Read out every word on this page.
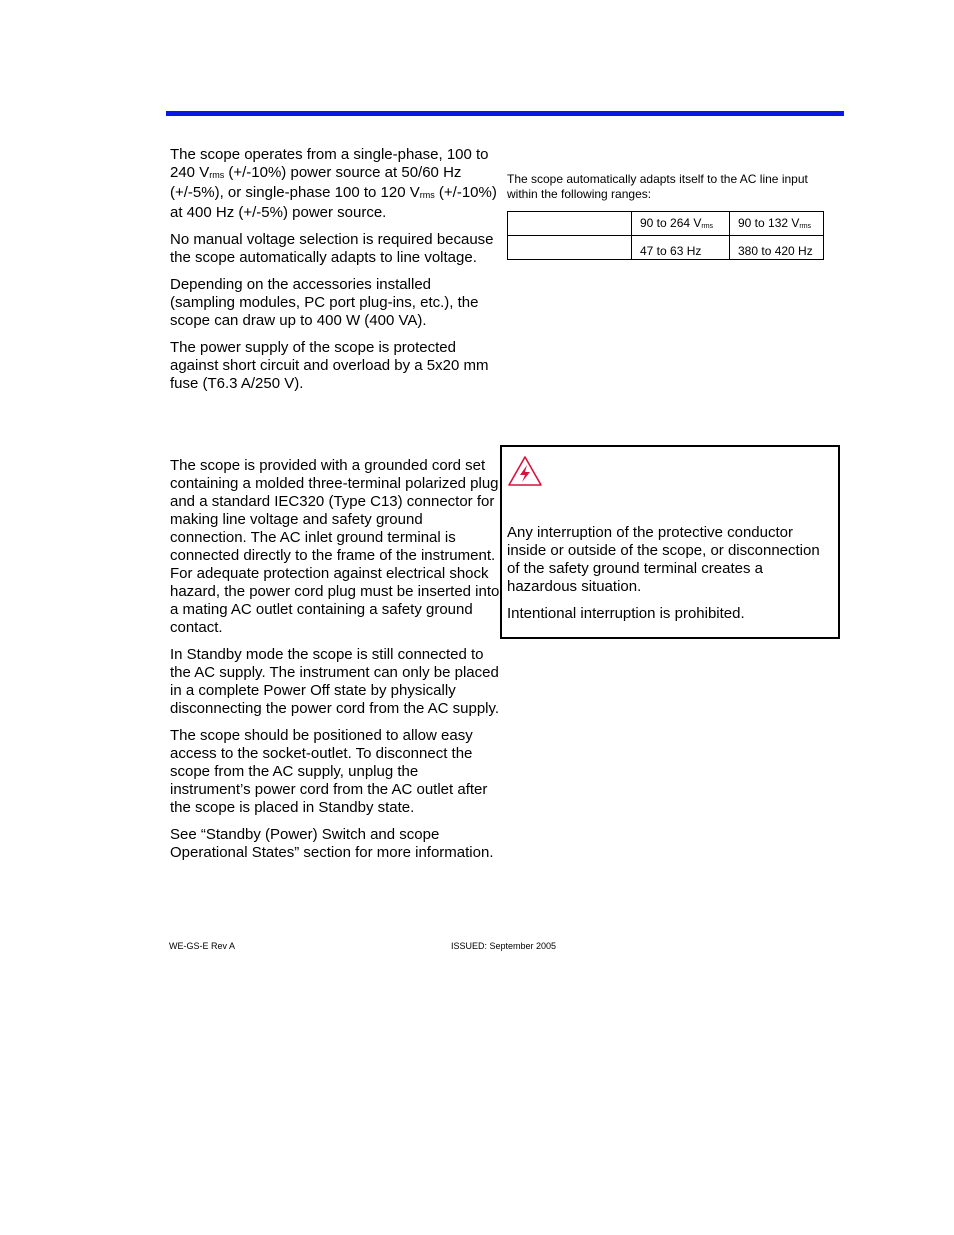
The scope operates from a single-phase, 100 to 240 Vrms (+/-10%) power source at 50/60 Hz (+/-5%), or single-phase 100 to 120 Vrms (+/-10%) at 400 Hz (+/-5%) power source.

No manual voltage selection is required because the scope automatically adapts to line voltage.

Depending on the accessories installed (sampling modules, PC port plug-ins, etc.), the scope can draw up to 400 W (400 VA).

The power supply of the scope is protected against short circuit and overload by a 5x20 mm fuse (T6.3 A/250 V).

The scope automatically adapts itself to the AC line input within the following ranges:

	90 to 264 Vrms	90 to 132 Vrms
	47 to 63 Hz	380 to 420 Hz

The scope is provided with a grounded cord set containing a molded three-terminal polarized plug and a standard IEC320 (Type C13) connector for making line voltage and safety ground connection. The AC inlet ground terminal is connected directly to the frame of the instrument. For adequate protection against electrical shock hazard, the power cord plug must be inserted into a mating AC outlet containing a safety ground contact.

In Standby mode the scope is still connected to the AC supply. The instrument can only be placed in a complete Power Off state by physically disconnecting the power cord from the AC supply.

The scope should be positioned to allow easy access to the socket-outlet. To disconnect the scope from the AC supply, unplug the instrument’s power cord from the AC outlet after the scope is placed in Standby state.

See “Standby (Power) Switch and scope Operational States” section for more information.

Any interruption of the protective conductor inside or outside of the scope, or disconnection of the safety ground terminal creates a hazardous situation.

Intentional interruption is prohibited.

WE-GS-E Rev A	ISSUED: September 2005
